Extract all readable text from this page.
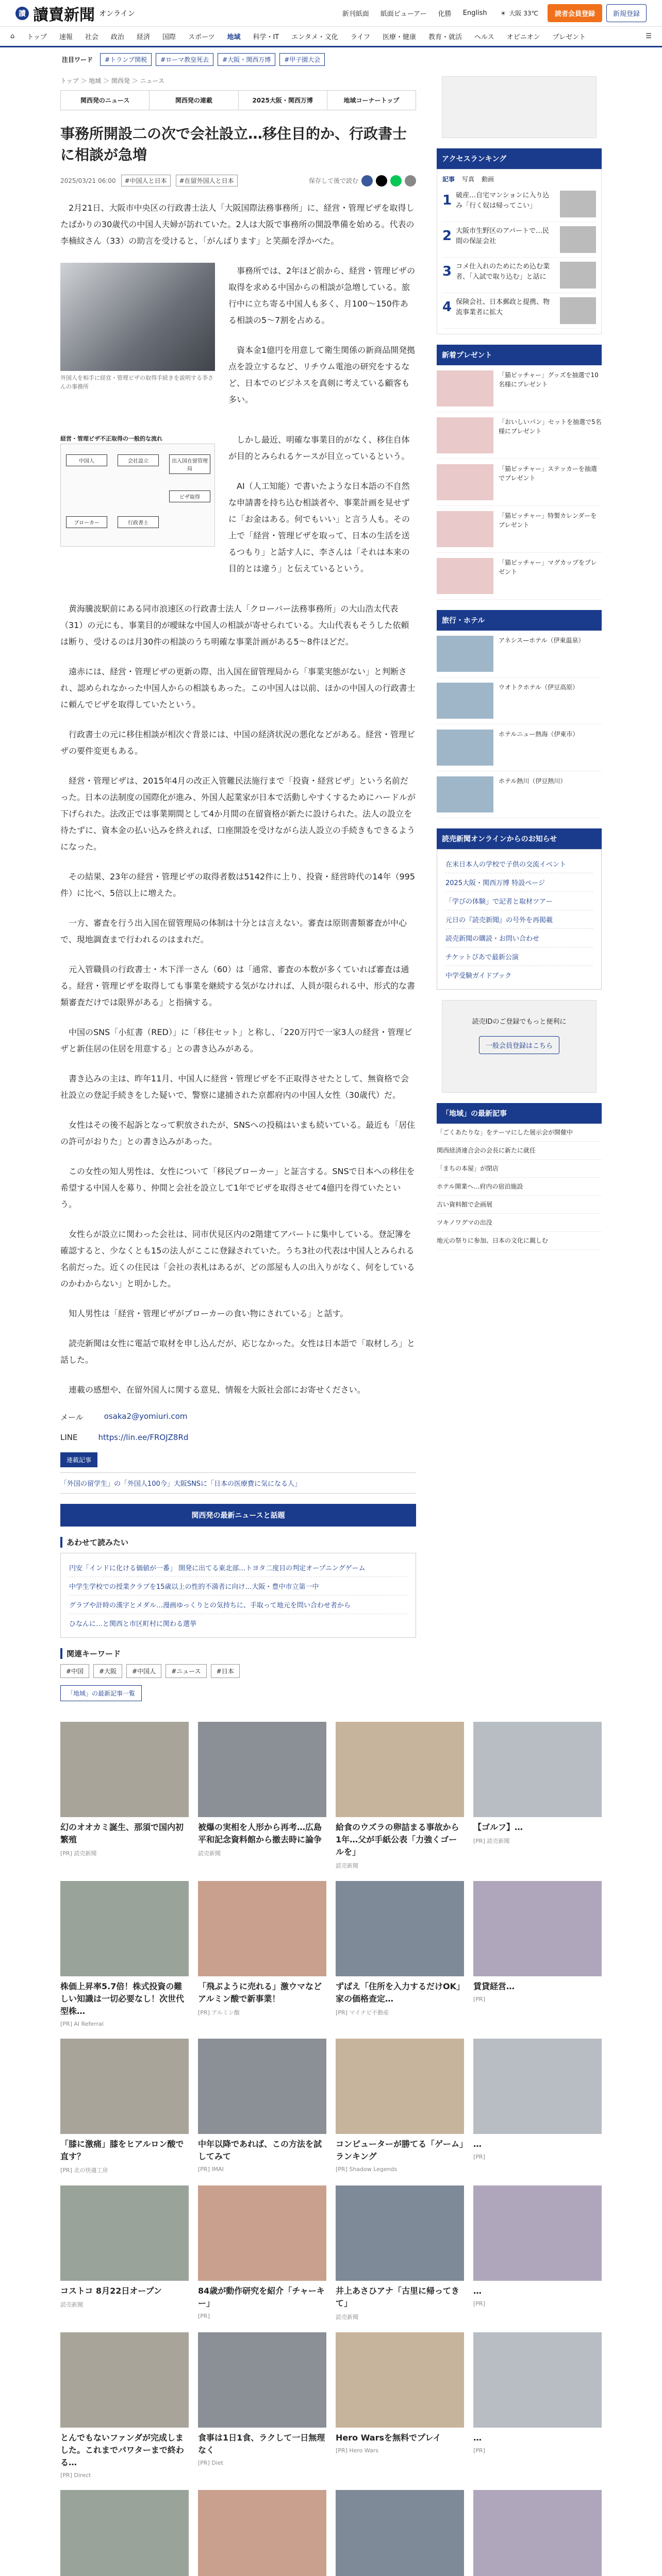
讀 讀賣新聞 オンライン	新刊紙面 紙面ビューアー 化勝 English ☀ 大阪 33℃	読者会員登録	新規登録
⌂	トップ	速報	社会	政治	経済	国際	スポーツ	地域	科学・IT	エンタメ・文化	ライフ	医療・健康	教育・就活	ヘルス	オピニオン	プレゼント	☰
注目ワード	#トランプ関税	#ローマ教皇死去	#大阪・関西万博	#甲子園大会
トップ ＞ 地域 ＞ 関西発 ＞ ニュース
関西発のニュース	関西発の連載	2025大阪・関西万博	地域コーナートップ
事務所開設二の次で会社設立…移住目的か、行政書士に相談が急増
2025/03/21 06:00	#中国人と日本	#在留外国人と日本	保存して後で読む

2月21日、大阪市中央区の行政書士法人「大阪国際法務事務所」に、経営・管理ビザを取得したばかりの30歳代の中国人夫婦が訪れていた。2人は大阪で事務所の開設準備を始める。代表の李楠紋さん（33）の助言を受けると、「がんばります」と笑顔を浮かべた。

外国人を相手に経営・管理ビザの取得手続きを説明する李さんの事務所

事務所では、2年ほど前から、経営・管理ビザの取得を求める中国からの相談が急増している。旅行中に立ち寄る中国人も多く、月100〜150件ある相談の5〜7割を占める。

資本金1億円を用意して衛生関係の新商品開発拠点を設立するなど、リチウム電池の研究をするなど、日本でのビジネスを真剣に考えている顧客も多い。

経営・管理ビザ不正取得の一般的な流れ
中国人	会社設立	出入国在留管理局
ビザ取得
ブローカー	行政書士

しかし最近、明確な事業目的がなく、移住自体が目的とみられるケースが目立っているという。

AI（人工知能）で書いたような日本語の不自然な申請書を持ち込む相談者や、事業計画を見せずに「お金はある。何でもいい」と言う人も。その上で「経営・管理ビザを取って、日本の生活を送るつもり」と話す人に、李さんは「それは本来の目的とは違う」と伝えているという。

黄海騰波駅前にある同市浪速区の行政書士法人「クローバー法務事務所」の大山浩太代表（31）の元にも、事業目的が曖昧な中国人の相談が寄せられている。大山代表もそうした依頼は断り、受けるのは月30件の相談のうち明確な事業計画がある5〜8件ほどだ。

遠赤には、経営・管理ビザの更新の際、出入国在留管理局から「事業実態がない」と判断され、認められなかった中国人からの相談もあった。この中国人は以前、ほかの中国人の行政書士に頼んでビザを取得していたという。

行政書士の元に移住相談が相次ぐ背景には、中国の経済状況の悪化などがある。経営・管理ビザの要件変更もある。

経営・管理ビザは、2015年4月の改正入管難民法施行まで「投資・経営ビザ」という名前だった。日本の法制度の国際化が進み、外国人起業家が日本で活動しやすくするためにハードルが下げられた。法改正では事業期間として4か月間の在留資格が新たに設けられた。法人の設立を待たずに、資本金の払い込みを終えれば、口座開設を受けながら法人設立の手続きもできるようになった。

その結果、23年の経営・管理ビザの取得者数は5142件に上り、投資・経営時代の14年（995件）に比べ、5倍以上に増えた。

一方、審査を行う出入国在留管理局の体制は十分とは言えない。審査は原則書類審査が中心で、現地調査まで行われるのはまれだ。

元入管職員の行政書士・木下洋一さん（60）は「通常、審査の本数が多くていれば審査は通る。経営・管理ビザを取得しても事業を継続する気がなければ、人員が限られる中、形式的な書類審査だけでは限界がある」と指摘する。

中国のSNS「小紅書（RED）」に「移住セット」と称し、「220万円で一家3人の経営・管理ビザと新住居の住居を用意する」との書き込みがある。

書き込みの主は、昨年11月、中国人に経営・管理ビザを不正取得させたとして、無資格で会社設立の登記手続きをした疑いで、警察に逮捕された京都府内の中国人女性（30歳代）だ。

女性はその後不起訴となって釈放されたが、SNSへの投稿はいまも続いている。最近も「居住の許可がおりた」との書き込みがあった。

この女性の知人男性は、女性について「移民ブローカー」と証言する。SNSで日本への移住を希望する中国人を募り、仲間と会社を設立して1年でビザを取得させて4億円を得ていたという。

女性らが設立に関わった会社は、同市伏見区内の2階建てアパートに集中している。登記簿を確認すると、少なくとも15の法人がここに登録されていた。うち3社の代表は中国人とみられる名前だった。近くの住民は「会社の表札はあるが、どの部屋も人の出入りがなく、何をしているのかわからない」と明かした。

知人男性は「経営・管理ビザがブローカーの食い物にされている」と話す。

読売新聞は女性に電話で取材を申し込んだが、応じなかった。女性は日本語で「取材しろ」と話した。

連載の感想や、在留外国人に関する意見、情報を大阪社会部にお寄せください。

メール	osaka2@yomiuri.com
LINE	https://lin.ee/FROJZ8Rd
連載記事
「外国の留学生」の「外国人100今」大阪SNSに「日本の医療費に気になる人」
関西発の最新ニュースと話題
あわせて読みたい
円安「インドに化ける価値が一番」 開発に出てる東北部…トヨタ二度目の判定オープニングゲーム
中学生学校での授業クラブを15歳以上の性的不満者に向け…大阪・豊中市立第一中
グラブや計時の漢字とメダル…漫画ゆっくりとの気持ちに、手取って地元を問い合わせ者から
ひなんに…と関西と市区町村に関わる選挙
関連キーワード
#中国	#大阪	#中国人	#ニュース	#日本
「地域」の最新記事一覧
アクセスランキング
記事 写真 動画
1 破産…自宅マンションに入り込み「行く奴は帰ってこい」
2 大阪市生野区のアパートで…民間の保証会社
3 コメ仕入れのためにため込む業者、「入試で取り込む」と話に
4 保険会社、日本郵政と提携、物流事業者に拡大
新着プレゼント
「猫ピッチャー」グッズを抽選で10名様にプレゼント
「おいしいパン」セットを抽選で5名様にプレゼント
「猫ピッチャー」ステッカーを抽選でプレゼント
「猫ピッチャー」特製カレンダーをプレゼント
「猫ピッチャー」マグカップをプレゼント
旅行・ホテル
アネシス—ホテル（伊東温泉）
ウオトクホテル（伊豆高原）
ホテルニュー熱海（伊東市）
ホテル熱川（伊豆熱川）
読売新聞オンラインからのお知らせ
在米日本人の学校で子供の交流イベント
2025大阪・関西万博 特設ページ
「学びの体験」で記者と取材ツアー
元日の『読売新聞』の号外を再掲載
読売新聞の購読・お問い合わせ
チケットぴあで最新公演
中学受験ガイドブック
読売IDのご登録でもっと便利に
一般会員登録はこちら
「地域」の最新記事
「ごくあたりな」をテーマにした展示会が開催中
関西経済連合会の会長に新たに就任
「まちの本屋」が閉店
ホテル開業へ…府内の宿泊施設
古い資料館で企画展
ツキノワグマの出没
地元の祭りに参加、日本の文化に親しむ
幻のオオカミ誕生、那須で国内初繁殖
[PR] 読売新聞
被爆の実相を人形から再考…広島平和記念資料館から撤去時に論争
読売新聞
給食のウズラの卵詰まる事故から1年…父が手紙公表「力強くゴールを」
読売新聞
【ゴルフ】…
[PR] 読売新聞
株価上昇率5.7倍！株式投資の難しい知識は一切必要なし！次世代型株…
[PR] AI Referral
「飛ぶように売れる」激ウマなどアルミン酸で新事業！
[PR] アルミン酸
ずばえ「住所を入力するだけOK」家の価格査定…
[PR] マイナビ不動産
賃貸経営…
[PR]
「膝に激痛」膝をヒアルロン酸で直す？
[PR] 北の快適工房
中年以降であれば、この方法を試してみて
[PR] IMAI
コンピューターが勝てる「ゲーム」ランキング
[PR] Shadow Legends
…
[PR]
コストコ 8月22日オープン
読売新聞
84歳が動作研究を紹介「チャーキー」
[PR]
井上あさひアナ「古里に帰ってきて」
読売新聞
…
[PR]
とんでもないファンダが完成しました。これまでパワターまで終わる…
[PR] Direct
食事は1日1食、ラクして一日無理なく
[PR] Diet
Hero Warsを無料でプレイ
[PR] Hero Wars
…
[PR]
